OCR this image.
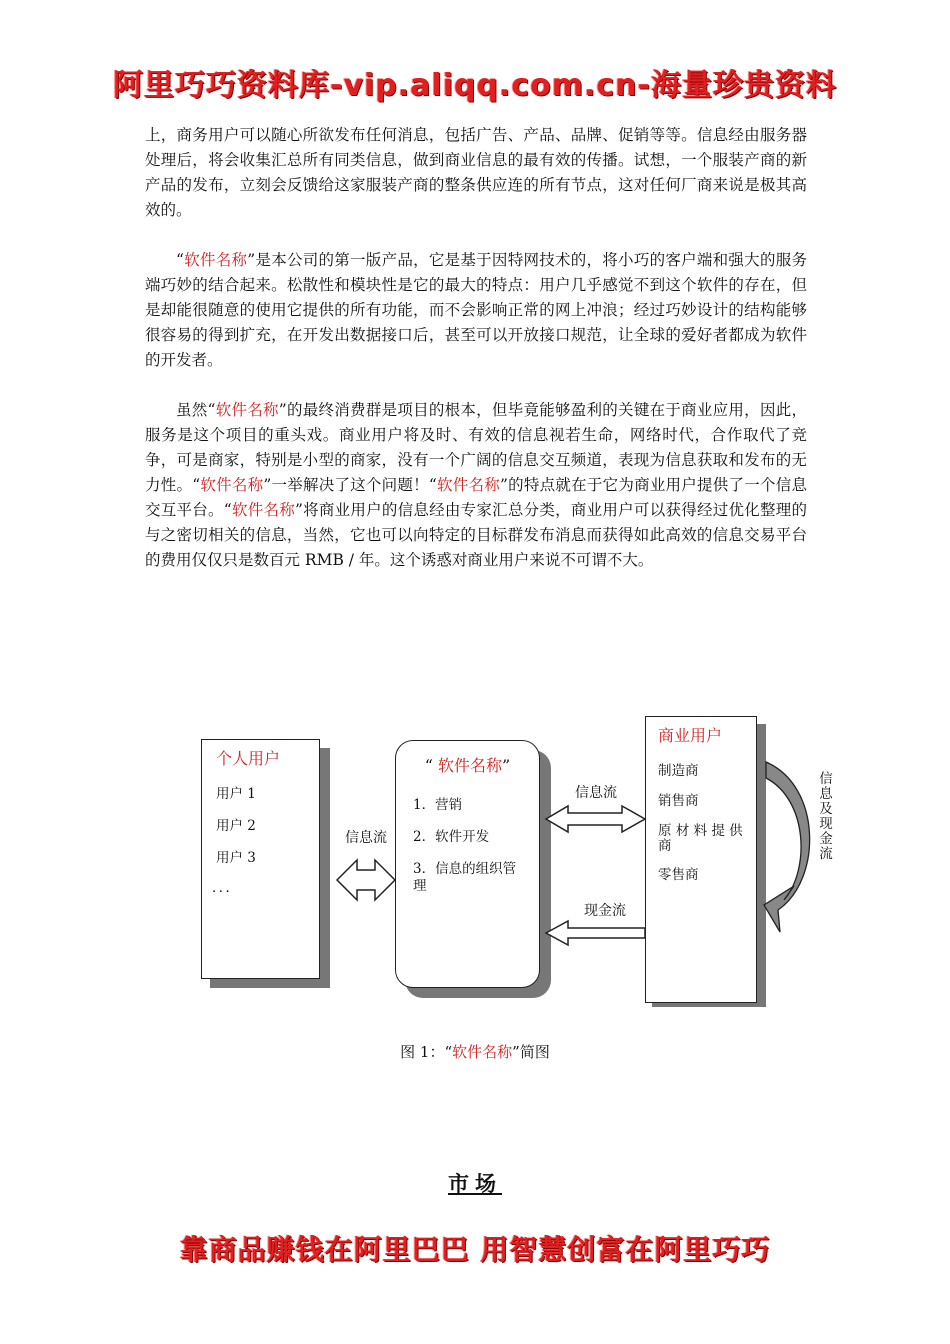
阿里巧巧资料库-vip.aliqq.com.cn-海量珍贵资料

上，商务用户可以随心所欲发布任何消息，包括广告、产品、品牌、促销等等。信息经由服务器处理后，将会收集汇总所有同类信息，做到商业信息的最有效的传播。试想，一个服装产商的新产品的发布，立刻会反馈给这家服装产商的整条供应连的所有节点，这对任何厂商来说是极其高效的。

“软件名称”是本公司的第一版产品，它是基于因特网技术的，将小巧的客户端和强大的服务端巧妙的结合起来。松散性和模块性是它的最大的特点：用户几乎感觉不到这个软件的存在，但是却能很随意的使用它提供的所有功能，而不会影响正常的网上冲浪；经过巧妙设计的结构能够很容易的得到扩充，在开发出数据接口后，甚至可以开放接口规范，让全球的爱好者都成为软件的开发者。

虽然“软件名称”的最终消费群是项目的根本，但毕竟能够盈利的关键在于商业应用，因此，服务是这个项目的重头戏。商业用户将及时、有效的信息视若生命，网络时代，合作取代了竞争，可是商家，特别是小型的商家，没有一个广阔的信息交互频道，表现为信息获取和发布的无力性。“软件名称”一举解决了这个问题！“软件名称”的特点就在于它为商业用户提供了一个信息交互平台。“软件名称”将商业用户的信息经由专家汇总分类，商业用户可以获得经过优化整理的与之密切相关的信息，当然，它也可以向特定的目标群发布消息而获得如此高效的信息交易平台的费用仅仅只是数百元 RMB / 年。这个诱惑对商业用户来说不可谓不大。

个人用户
用户 1
用户 2
用户 3
．．．
“ 软件名称”
1．营销
2．软件开发
3．信息的组织管
理
商业用户
制造商
销售商
原 材 料 提 供
商
零售商
信息流
信息流
现金流
信
息
及
现
金
流
图 1：“软件名称”简图
市场
靠商品赚钱在阿里巴巴 用智慧创富在阿里巧巧
